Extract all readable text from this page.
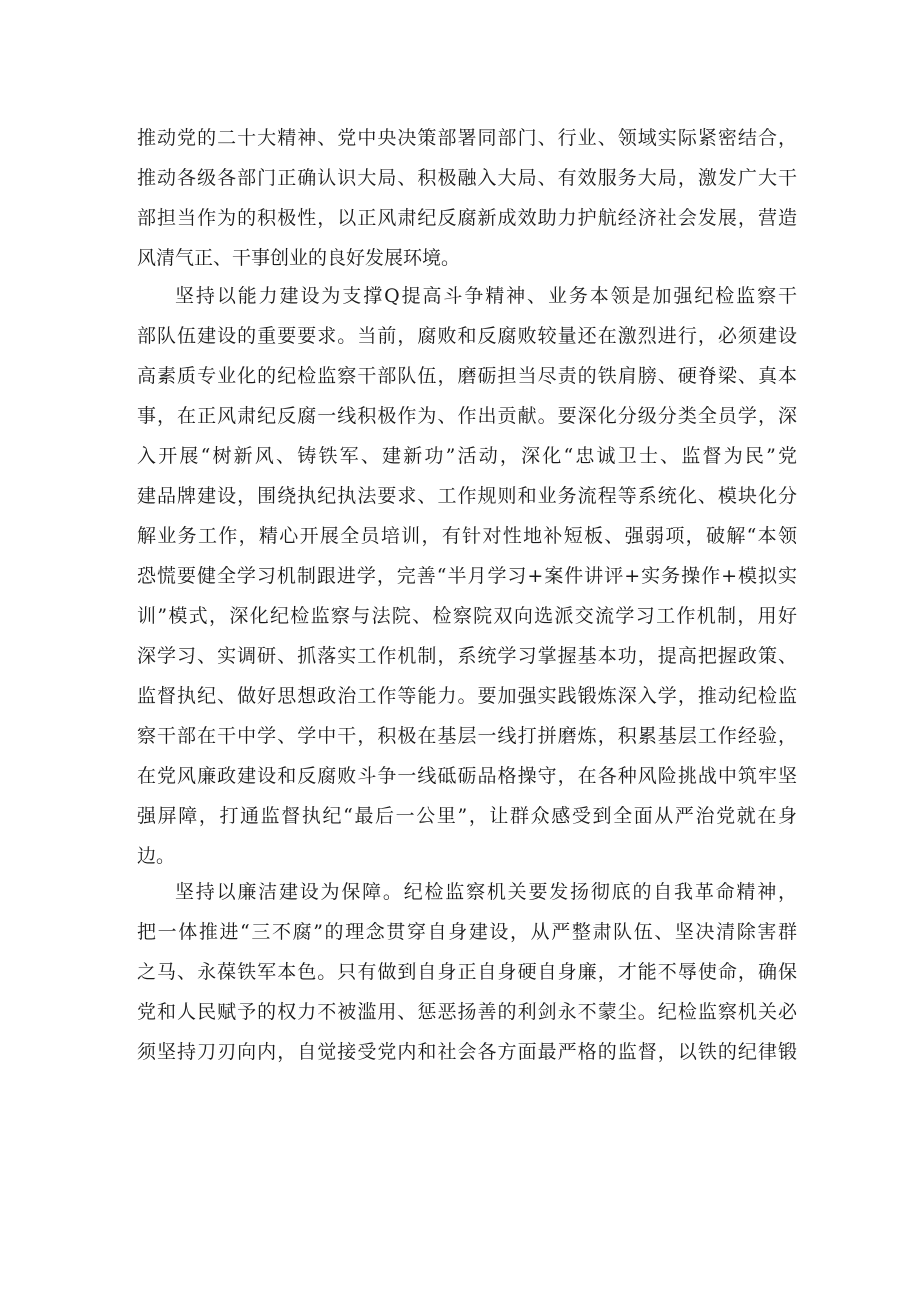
推动党的二十大精神、党中央决策部署同部门、行业、领域实际紧密结合，
推动各级各部门正确认识大局、积极融入大局、有效服务大局，激发广大干
部担当作为的积极性，以正风肃纪反腐新成效助力护航经济社会发展，营造
风清气正、干事创业的良好发展环境。
坚持以能力建设为支撑Q提高斗争精神、业务本领是加强纪检监察干
部队伍建设的重要要求。当前，腐败和反腐败较量还在激烈进行，必须建设
高素质专业化的纪检监察干部队伍，磨砺担当尽责的铁肩膀、硬脊梁、真本
事，在正风肃纪反腐一线积极作为、作出贡献。要深化分级分类全员学，深
入开展“树新风、铸铁军、建新功”活动，深化“忠诚卫士、监督为民”党
建品牌建设，围绕执纪执法要求、工作规则和业务流程等系统化、模块化分
解业务工作，精心开展全员培训，有针对性地补短板、强弱项，破解“本领
恐慌要健全学习机制跟进学，完善“半月学习+案件讲评+实务操作+模拟实
训”模式，深化纪检监察与法院、检察院双向选派交流学习工作机制，用好
深学习、实调研、抓落实工作机制，系统学习掌握基本功，提高把握政策、
监督执纪、做好思想政治工作等能力。要加强实践锻炼深入学，推动纪检监
察干部在干中学、学中干，积极在基层一线打拼磨炼，积累基层工作经验，
在党风廉政建设和反腐败斗争一线砥砺品格操守，在各种风险挑战中筑牢坚
强屏障，打通监督执纪“最后一公里”，让群众感受到全面从严治党就在身
边。
坚持以廉洁建设为保障。纪检监察机关要发扬彻底的自我革命精神，
把一体推进“三不腐”的理念贯穿自身建设，从严整肃队伍、坚决清除害群
之马、永葆铁军本色。只有做到自身正自身硬自身廉，才能不辱使命，确保
党和人民赋予的权力不被滥用、惩恶扬善的利剑永不蒙尘。纪检监察机关必
须坚持刀刃向内，自觉接受党内和社会各方面最严格的监督，以铁的纪律锻
